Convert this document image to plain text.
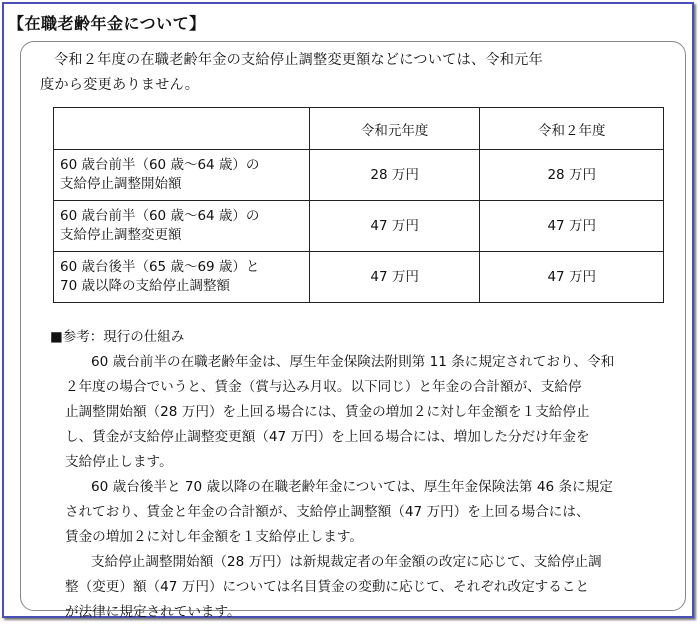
【在職老齢年金について】
令和２年度の在職老齢年金の支給停止調整変更額などについては、令和元年
度から変更ありません。
	令和元年度	令和２年度

60 歳台前半（60 歳～64 歳）の
支給停止調整開始額	28 万円	28 万円

60 歳台前半（60 歳～64 歳）の
支給停止調整変更額	47 万円	47 万円

60 歳台後半（65 歳～69 歳）と
70 歳以降の支給停止調整額	47 万円	47 万円
■参考：現行の仕組み
60 歳台前半の在職老齢年金は、厚生年金保険法附則第 11 条に規定されており、令和
２年度の場合でいうと、賃金（賞与込み月収。以下同じ）と年金の合計額が、支給停
止調整開始額（28 万円）を上回る場合には、賃金の増加２に対し年金額を１支給停止
し、賃金が支給停止調整変更額（47 万円）を上回る場合には、増加した分だけ年金を
支給停止します。
60 歳台後半と 70 歳以降の在職老齢年金については、厚生年金保険法第 46 条に規定
されており、賃金と年金の合計額が、支給停止調整額（47 万円）を上回る場合には、
賃金の増加２に対し年金額を１支給停止します。
支給停止調整開始額（28 万円）は新規裁定者の年金額の改定に応じて、支給停止調
整（変更）額（47 万円）については名目賃金の変動に応じて、それぞれ改定すること
が法律に規定されています。
